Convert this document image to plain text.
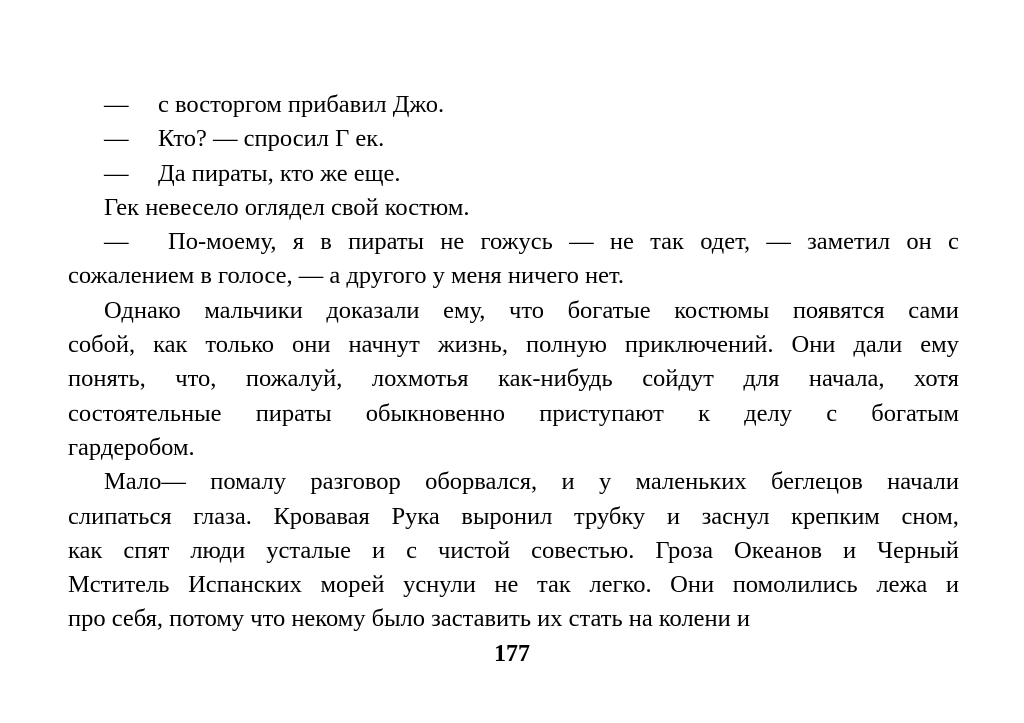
—	с восторгом прибавил Джо.
—	Кто? — спросил Г ек.
—	Да пираты, кто же еще.
Гек невесело оглядел свой костюм.
—	По-моему, я в пираты не гожусь — не так одет, — заметил он с
сожалением в голосе, — а другого у меня ничего нет.
Однако мальчики доказали ему, что богатые костюмы появятся сами
собой, как только они начнут жизнь, полную приключений. Они дали ему
понять, что, пожалуй, лохмотья как-нибудь сойдут для начала, хотя
состоятельные пираты обыкновенно приступают к делу с богатым
гардеробом.
Мало— помалу разговор оборвался, и у маленьких беглецов начали
слипаться глаза. Кровавая Рука выронил трубку и заснул крепким сном,
как спят люди усталые и с чистой совестью. Гроза Океанов и Черный
Мститель Испанских морей уснули не так легко. Они помолились лежа и
про себя, потому что некому было заставить их стать на колени и
177
